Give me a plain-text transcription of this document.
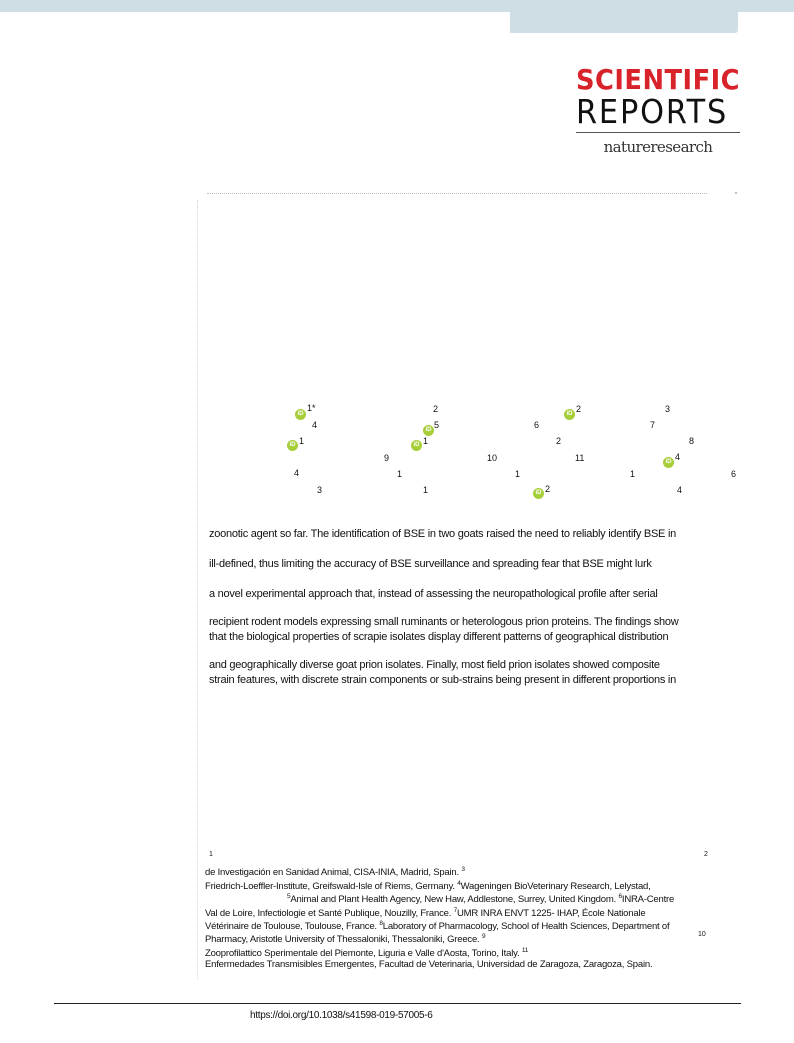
SCIENTIFIC
REPORTS
natureresearch
iD
1*
4
iD 1
4
3
2
iD 5
iD 1
9
1
1
6
10
1
iD 2
2
11
iD 2
3
7
8
iD 4
1
4
6
zoonotic agent so far. The identification of BSE in two goats raised the need to reliably identify BSE in
ill-defined, thus limiting the accuracy of BSE surveillance and spreading fear that BSE might lurk
a novel experimental approach that, instead of assessing the neuropathological profile after serial
recipient rodent models expressing small ruminants or heterologous prion proteins. The findings show
that the biological properties of scrapie isolates display different patterns of geographical distribution
and geographically diverse goat prion isolates. Finally, most field prion isolates showed composite
strain features, with discrete strain components or sub-strains being present in different proportions in
1	2
de Investigación en Sanidad Animal, CISA-INIA, Madrid, Spain. $^3$
Friedrich-Loeffler-Institute, Greifswald-Isle of Riems, Germany. $^4$Wageningen BioVeterinary Research, Lelystad,
$^5$Animal and Plant Health Agency, New Haw, Addlestone, Surrey, United Kingdom. $^6$INRA-Centre
Val de Loire, Infectiologie et Santé Publique, Nouzilly, France. $^7$UMR INRA ENVT 1225- IHAP, École Nationale
Vétérinaire de Toulouse, Toulouse, France. $^8$Laboratory of Pharmacology, School of Health Sciences, Department of
Pharmacy, Aristotle University of Thessaloniki, Thessaloniki, Greece. $^9$	10
Zooprofilattico Sperimentale del Piemonte, Liguria e Valle d'Aosta, Torino, Italy. $^{11}$
Enfermedades Transmisibles Emergentes, Facultad de Veterinaria, Universidad de Zaragoza, Zaragoza, Spain.
https://doi.org/10.1038/s41598-019-57005-6
